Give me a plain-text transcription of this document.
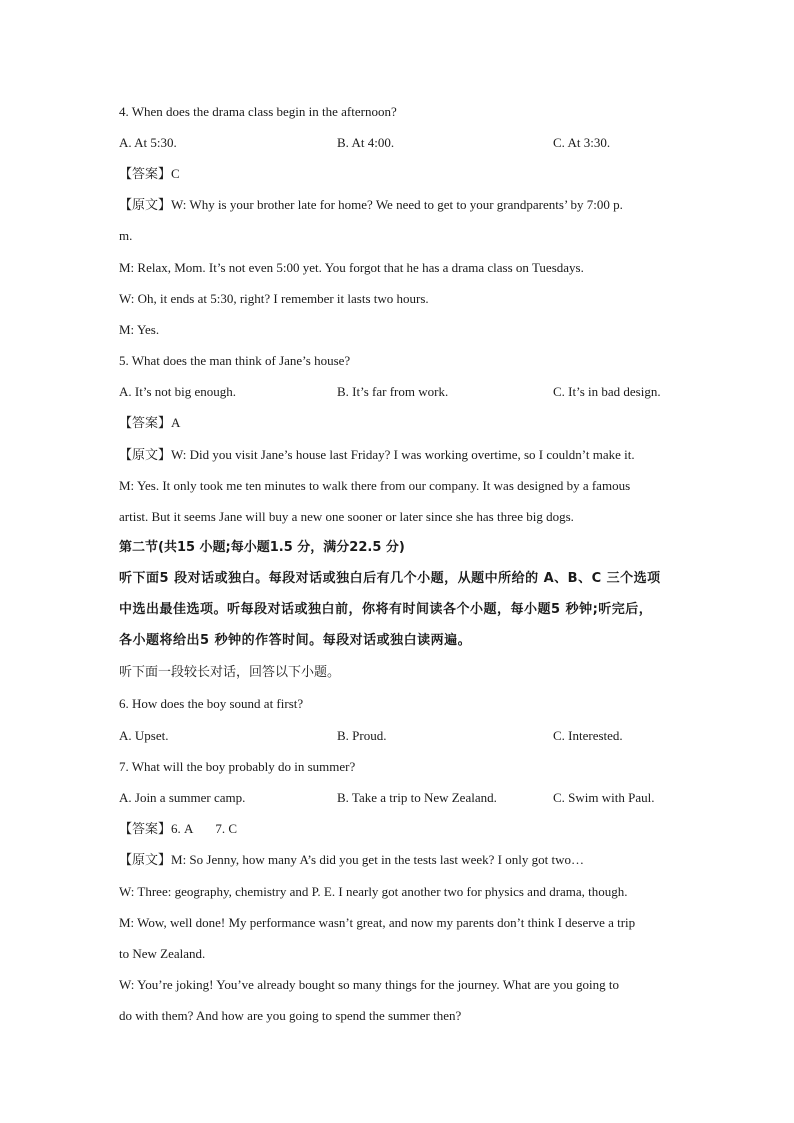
4. When does the drama class begin in the afternoon?
A. At 5:30.	B. At 4:00.	C. At 3:30.
【答案】C
【原文】W: Why is your brother late for home? We need to get to your grandparents’ by 7:00 p.
m.
M: Relax, Mom. It’s not even 5:00 yet. You forgot that he has a drama class on Tuesdays.
W: Oh, it ends at 5:30, right? I remember it lasts two hours.
M: Yes.
5. What does the man think of Jane’s house?
A. It’s not big enough.	B. It’s far from work.	C. It’s in bad design.
【答案】A
【原文】W: Did you visit Jane’s house last Friday? I was working overtime, so I couldn’t make it.
M: Yes. It only took me ten minutes to walk there from our company. It was designed by a famous
artist. But it seems Jane will buy a new one sooner or later since she has three big dogs.
第二节(共15 小题;每小题1.5 分，满分22.5 分)
听下面5 段对话或独白。每段对话或独白后有几个小题，从题中所给的 A、B、C 三个选项
中选出最佳选项。听每段对话或独白前，你将有时间读各个小题，每小题5 秒钟;听完后，
各小题将给出5 秒钟的作答时间。每段对话或独白读两遍。
听下面一段较长对话，回答以下小题。
6. How does the boy sound at first?
A. Upset.	B. Proud.	C. Interested.
7. What will the boy probably do in summer?
A. Join a summer camp.	B. Take a trip to New Zealand.	C. Swim with Paul.
【答案】6. A 7. C
【原文】M: So Jenny, how many A’s did you get in the tests last week? I only got two…
W: Three: geography, chemistry and P. E. I nearly got another two for physics and drama, though.
M: Wow, well done! My performance wasn’t great, and now my parents don’t think I deserve a trip
to New Zealand.
W: You’re joking! You’ve already bought so many things for the journey. What are you going to
do with them? And how are you going to spend the summer then?
